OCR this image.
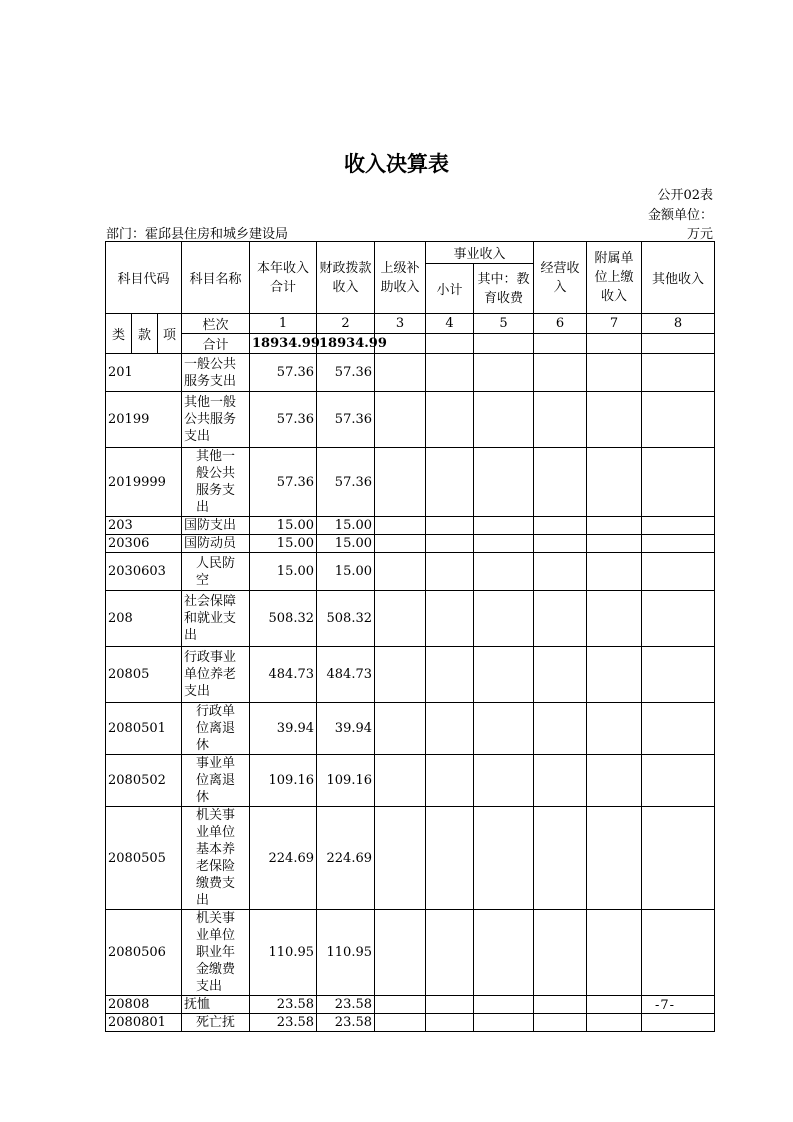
收入决算表
公开02表
金额单位：
部门：霍邱县住房和城乡建设局	万元
科目代码			科目名称	本年收入合计	财政拨款收入	上级补助收入	事业收入		经营收入	附属单位上缴收入	其他收入
							小计	其中：教育收费			
类	款	项	栏次	1	2	3	4	5	6	7	8
			合计	18934.99	18934.99						
201			一般公共服务支出	57.36	57.36						
20199			其他一般公共服务支出	57.36	57.36						
2019999			其他一般公共服务支出	57.36	57.36						
203			国防支出	15.00	15.00						
20306			国防动员	15.00	15.00						
2030603			人民防空	15.00	15.00						
208			社会保障和就业支出	508.32	508.32						
20805			行政事业单位养老支出	484.73	484.73						
2080501			行政单位离退休	39.94	39.94						
2080502			事业单位离退休	109.16	109.16						
2080505			机关事业单位基本养老保险缴费支出	224.69	224.69						
2080506			机关事业单位职业年金缴费支出	110.95	110.95						
20808			抚恤	23.58	23.58						
2080801			死亡抚	23.58	23.58						
-7-
